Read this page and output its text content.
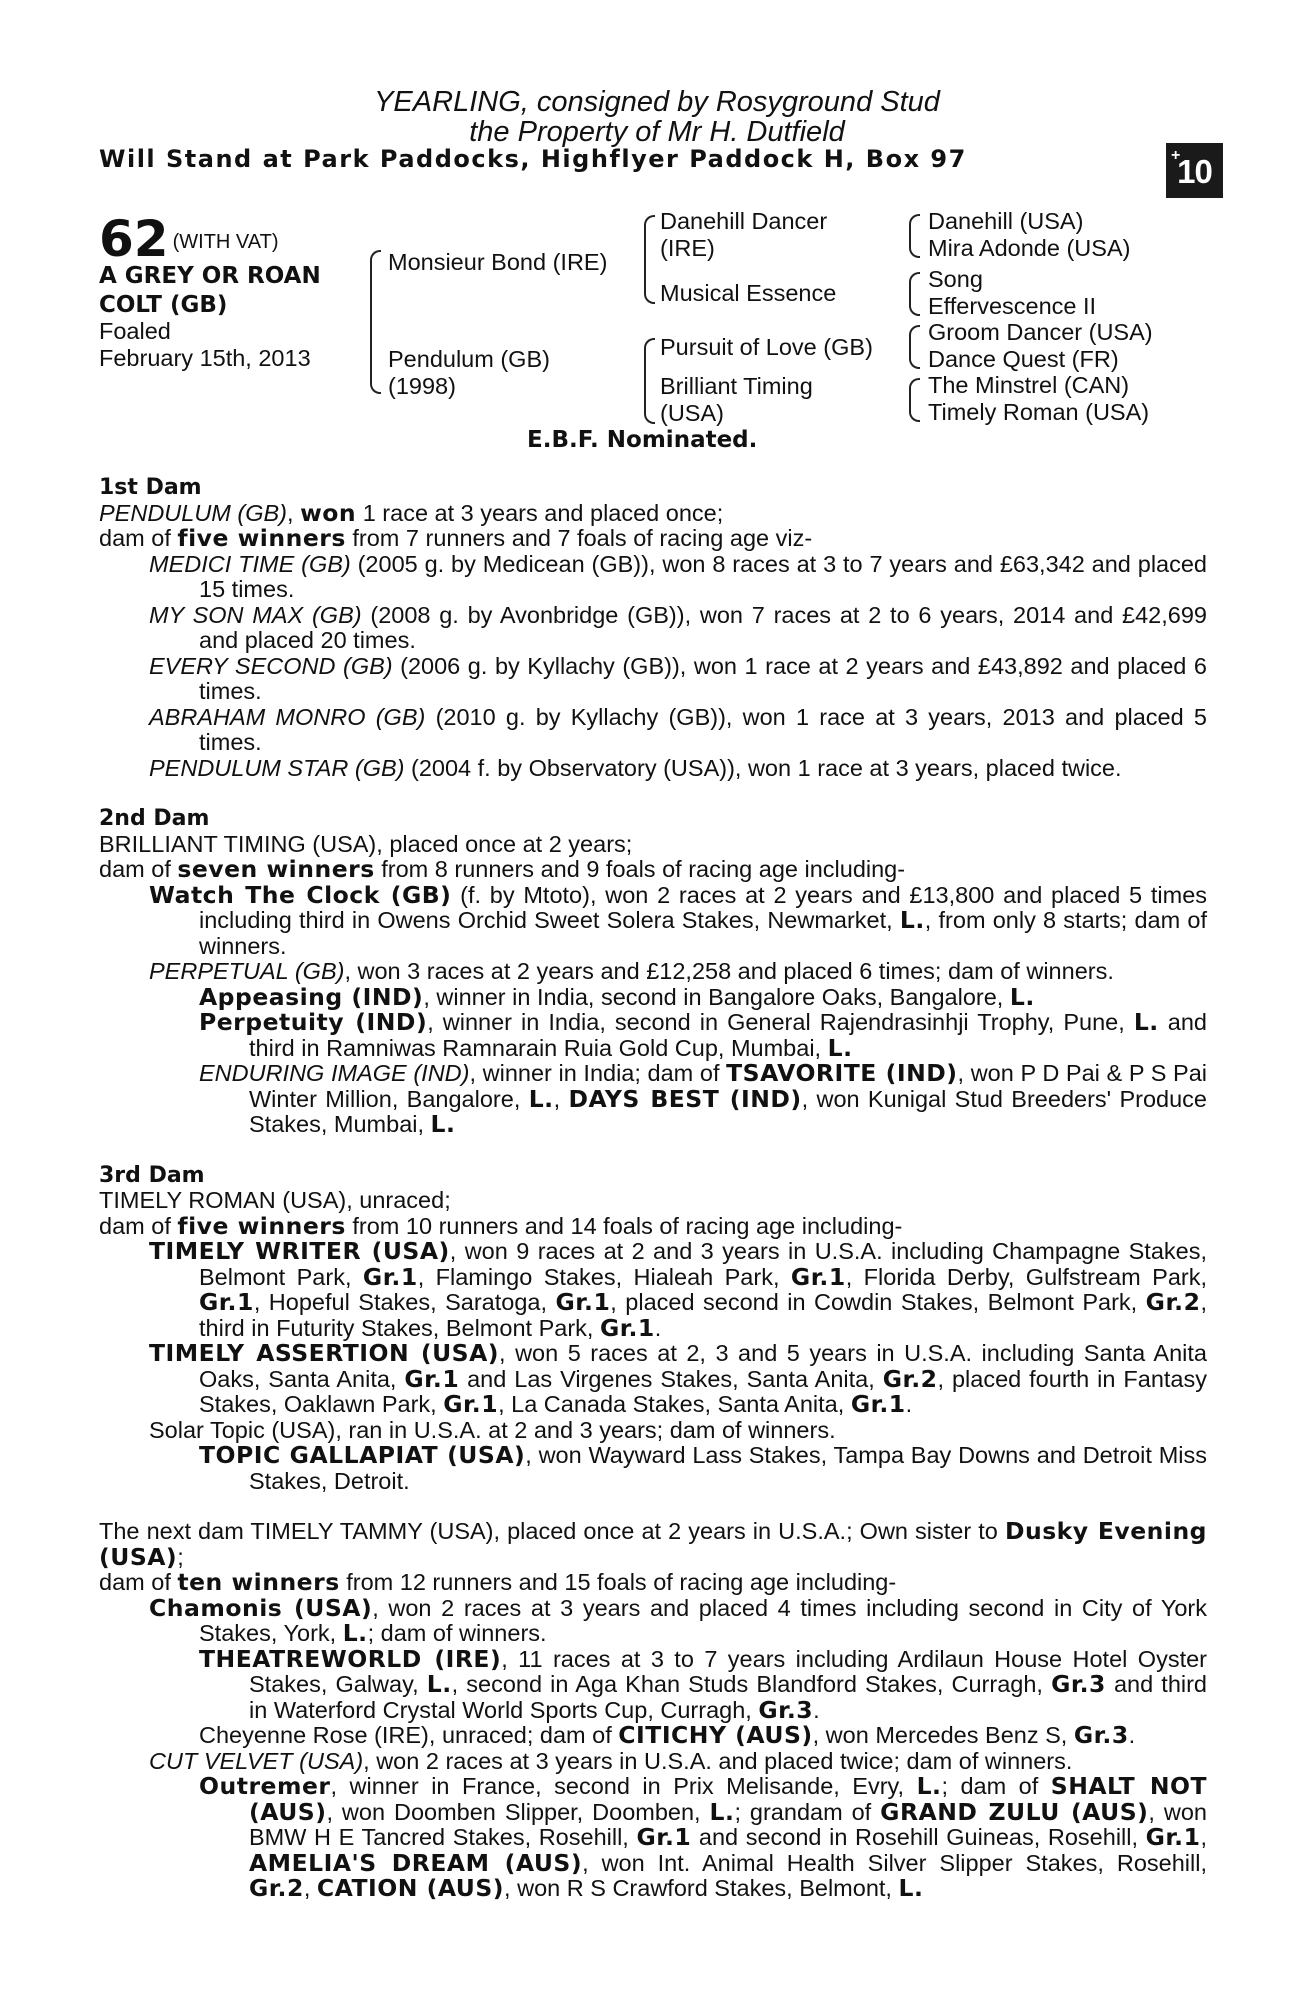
YEARLING, consigned by Rosyground Stud
the Property of Mr H. Dutfield
Will Stand at Park Paddocks, Highflyer Paddock H, Box 97	+
10
62 (WITH VAT)
A GREY OR ROAN
COLT (GB)
Foaled
February 15th, 2013
Monsieur Bond (IRE)
Pendulum (GB)
(1998)
Danehill Dancer
(IRE)
Musical Essence
Pursuit of Love (GB)
Brilliant Timing
(USA)
Danehill (USA)
Mira Adonde (USA)
Song
Effervescence II
Groom Dancer (USA)
Dance Quest (FR)
The Minstrel (CAN)
Timely Roman (USA)
E.B.F. Nominated.

1st Dam

PENDULUM (GB), won 1 race at 3 years and placed once;

dam of five winners from 7 runners and 7 foals of racing age viz-

MEDICI TIME (GB) (2005 g. by Medicean (GB)), won 8 races at 3 to 7 years and £63,342 and placed 15 times.

MY SON MAX (GB) (2008 g. by Avonbridge (GB)), won 7 races at 2 to 6 years, 2014 and £42,699 and placed 20 times.

EVERY SECOND (GB) (2006 g. by Kyllachy (GB)), won 1 race at 2 years and £43,892 and placed 6 times.

ABRAHAM MONRO (GB) (2010 g. by Kyllachy (GB)), won 1 race at 3 years, 2013 and placed 5 times.

PENDULUM STAR (GB) (2004 f. by Observatory (USA)), won 1 race at 3 years, placed twice.

2nd Dam

BRILLIANT TIMING (USA), placed once at 2 years;

dam of seven winners from 8 runners and 9 foals of racing age including-

Watch The Clock (GB) (f. by Mtoto), won 2 races at 2 years and £13,800 and placed 5 times including third in Owens Orchid Sweet Solera Stakes, Newmarket, L., from only 8 starts; dam of winners.

PERPETUAL (GB), won 3 races at 2 years and £12,258 and placed 6 times; dam of winners.

Appeasing (IND), winner in India, second in Bangalore Oaks, Bangalore, L.

Perpetuity (IND), winner in India, second in General Rajendrasinhji Trophy, Pune, L. and third in Ramniwas Ramnarain Ruia Gold Cup, Mumbai, L.

ENDURING IMAGE (IND), winner in India; dam of TSAVORITE (IND), won P D Pai & P S Pai Winter Million, Bangalore, L., DAYS BEST (IND), won Kunigal Stud Breeders' Produce Stakes, Mumbai, L.

3rd Dam

TIMELY ROMAN (USA), unraced;

dam of five winners from 10 runners and 14 foals of racing age including-

TIMELY WRITER (USA), won 9 races at 2 and 3 years in U.S.A. including Champagne Stakes, Belmont Park, Gr.1, Flamingo Stakes, Hialeah Park, Gr.1, Florida Derby, Gulfstream Park, Gr.1, Hopeful Stakes, Saratoga, Gr.1, placed second in Cowdin Stakes, Belmont Park, Gr.2, third in Futurity Stakes, Belmont Park, Gr.1.

TIMELY ASSERTION (USA), won 5 races at 2, 3 and 5 years in U.S.A. including Santa Anita Oaks, Santa Anita, Gr.1 and Las Virgenes Stakes, Santa Anita, Gr.2, placed fourth in Fantasy Stakes, Oaklawn Park, Gr.1, La Canada Stakes, Santa Anita, Gr.1.

Solar Topic (USA), ran in U.S.A. at 2 and 3 years; dam of winners.

TOPIC GALLAPIAT (USA), won Wayward Lass Stakes, Tampa Bay Downs and Detroit Miss Stakes, Detroit.

The next dam TIMELY TAMMY (USA), placed once at 2 years in U.S.A.; Own sister to Dusky Evening (USA);

dam of ten winners from 12 runners and 15 foals of racing age including-

Chamonis (USA), won 2 races at 3 years and placed 4 times including second in City of York Stakes, York, L.; dam of winners.

THEATREWORLD (IRE), 11 races at 3 to 7 years including Ardilaun House Hotel Oyster Stakes, Galway, L., second in Aga Khan Studs Blandford Stakes, Curragh, Gr.3 and third in Waterford Crystal World Sports Cup, Curragh, Gr.3.

Cheyenne Rose (IRE), unraced; dam of CITICHY (AUS), won Mercedes Benz S, Gr.3.

CUT VELVET (USA), won 2 races at 3 years in U.S.A. and placed twice; dam of winners.

Outremer, winner in France, second in Prix Melisande, Evry, L.; dam of SHALT NOT (AUS), won Doomben Slipper, Doomben, L.; grandam of GRAND ZULU (AUS), won BMW H E Tancred Stakes, Rosehill, Gr.1 and second in Rosehill Guineas, Rosehill, Gr.1, AMELIA'S DREAM (AUS), won Int. Animal Health Silver Slipper Stakes, Rosehill, Gr.2, CATION (AUS), won R S Crawford Stakes, Belmont, L.
